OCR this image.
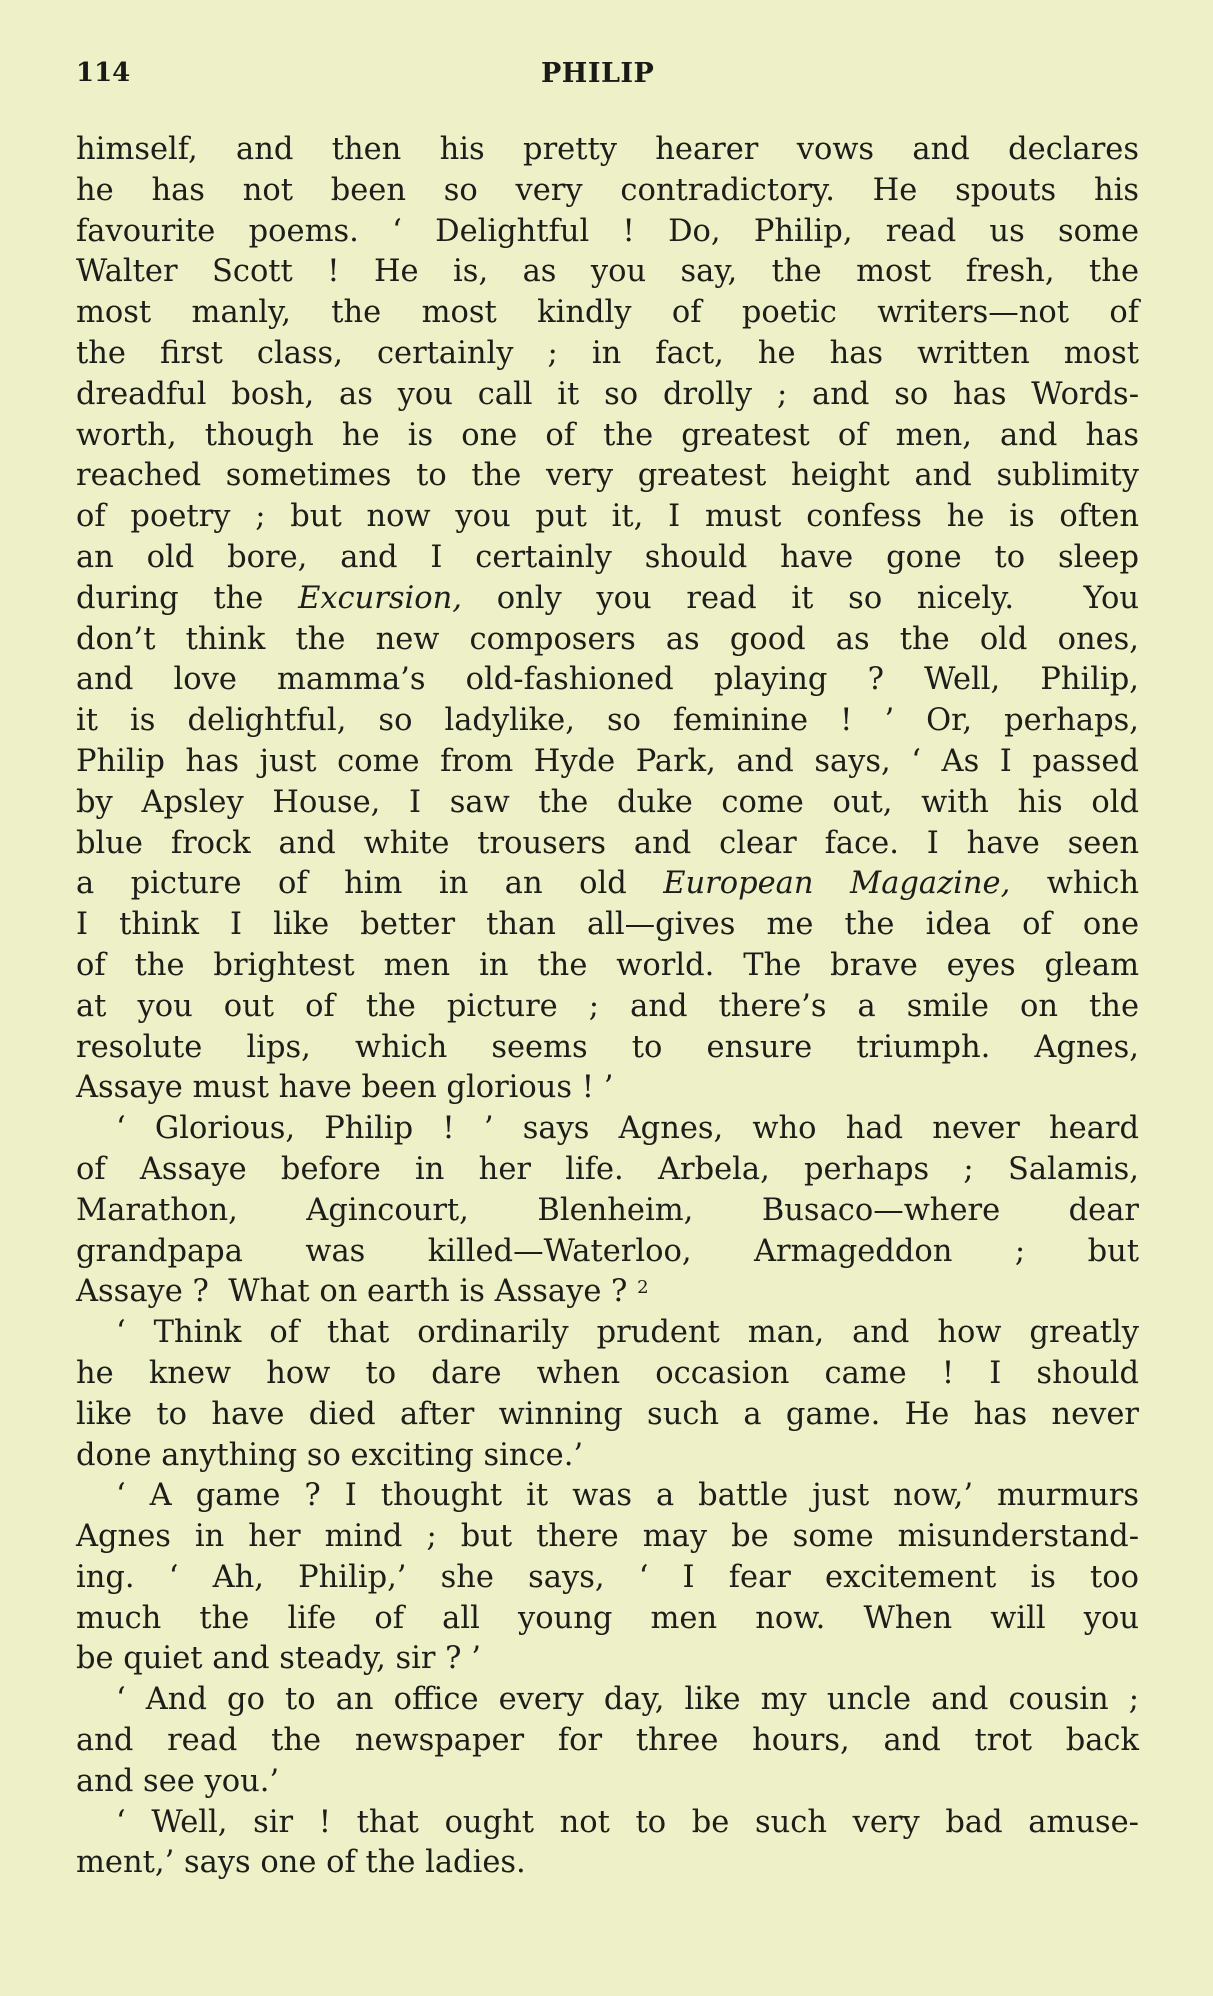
114	PHILIP
himself, and then his pretty hearer vows and declares
he has not been so very contradictory. He spouts his
favourite poems. ‘ Delightful ! Do, Philip, read us some
Walter Scott ! He is, as you say, the most fresh, the
most manly, the most kindly of poetic writers—not of
the first class, certainly ; in fact, he has written most
dreadful bosh, as you call it so drolly ; and so has Words-
worth, though he is one of the greatest of men, and has
reached sometimes to the very greatest height and sublimity
of poetry ; but now you put it, I must confess he is often
an old bore, and I certainly should have gone to sleep
during the Excursion, only you read it so nicely.  You
don’t think the new composers as good as the old ones,
and love mamma’s old-fashioned playing ? Well, Philip,
it is delightful, so ladylike, so feminine ! ’ Or, perhaps,
Philip has just come from Hyde Park, and says, ‘ As I passed
by Apsley House, I saw the duke come out, with his old
blue frock and white trousers and clear face. I have seen
a picture of him in an old European Magazine, which
I think I like better than all—gives me the idea of one
of the brightest men in the world. The brave eyes gleam
at you out of the picture ; and there’s a smile on the
resolute lips, which seems to ensure triumph. Agnes,
Assaye must have been glorious ! ’
‘ Glorious, Philip ! ’ says Agnes, who had never heard
of Assaye before in her life. Arbela, perhaps ; Salamis,
Marathon, Agincourt, Blenheim, Busaco—where dear
grandpapa was killed—Waterloo, Armageddon ; but
Assaye ?  What on earth is Assaye ? $^2$
‘ Think of that ordinarily prudent man, and how greatly
he knew how to dare when occasion came ! I should
like to have died after winning such a game. He has never
done anything so exciting since.’
‘ A game ? I thought it was a battle just now,’ murmurs
Agnes in her mind ; but there may be some misunderstand-
ing. ‘ Ah, Philip,’ she says, ‘ I fear excitement is too
much the life of all young men now. When will you
be quiet and steady, sir ? ’
‘ And go to an office every day, like my uncle and cousin ;
and read the newspaper for three hours, and trot back
and see you.’
‘ Well, sir ! that ought not to be such very bad amuse-
ment,’ says one of the ladies.
